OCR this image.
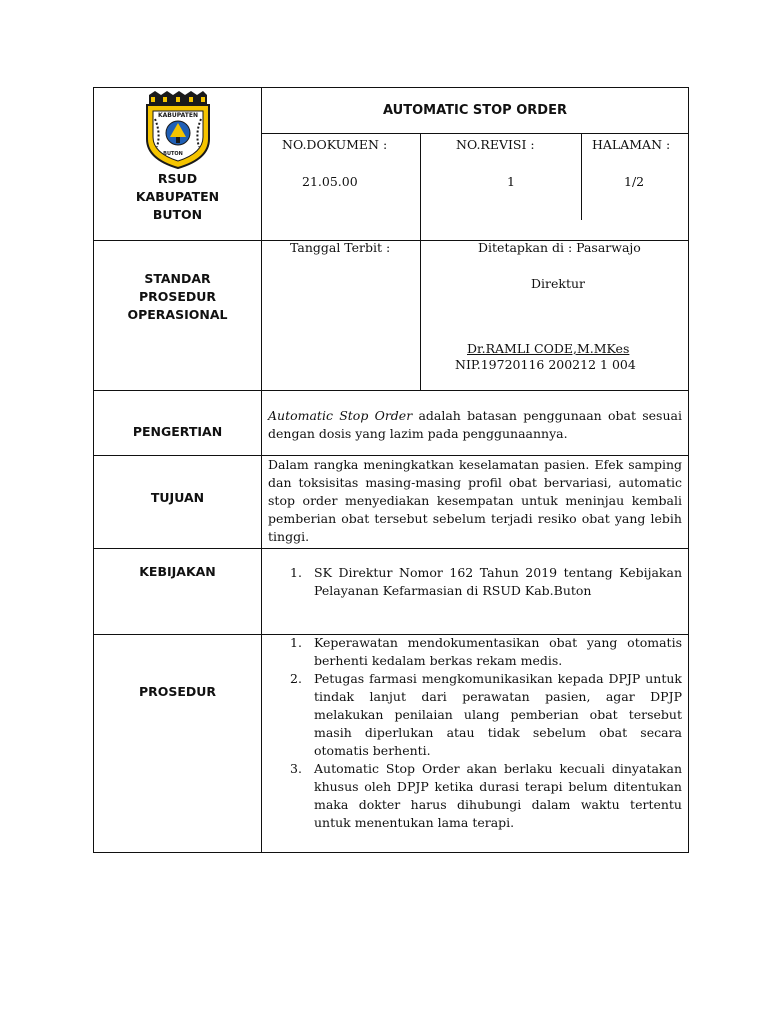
KABUPATEN
BUTON
RSUD
KABUPATEN
BUTON
AUTOMATIC STOP ORDER
NO.DOKUMEN :
21.05.00
NO.REVISI :
1
HALAMAN :
1/2
STANDAR
PROSEDUR
OPERASIONAL
Tanggal Terbit :	Ditetapkan di : Pasarwajo
Direktur
Dr.RAMLI CODE,M.MKes
NIP.19720116 200212 1 004
PENGERTIAN
Automatic Stop Order adalah batasan penggunaan obat sesuai dengan dosis yang lazim pada penggunaannya.
TUJUAN
Dalam rangka meningkatkan keselamatan pasien. Efek samping dan toksisitas masing-masing profil obat bervariasi, automatic stop order menyediakan kesempatan untuk meninjau kembali pemberian obat tersebut sebelum terjadi resiko obat yang lebih tinggi.
KEBIJAKAN	1. SK Direktur Nomor 162 Tahun 2019 tentang Kebijakan Pelayanan Kefarmasian di RSUD Kab.Buton
PROSEDUR
1. Keperawatan mendokumentasikan obat yang otomatis berhenti kedalam berkas rekam medis.
2. Petugas farmasi mengkomunikasikan kepada DPJP untuk tindak lanjut dari perawatan pasien, agar DPJP melakukan penilaian ulang pemberian obat tersebut masih diperlukan atau tidak sebelum obat secara otomatis berhenti.
3. Automatic Stop Order akan berlaku kecuali dinyatakan khusus oleh DPJP ketika durasi terapi belum ditentukan maka dokter harus dihubungi dalam waktu tertentu untuk menentukan lama terapi.
